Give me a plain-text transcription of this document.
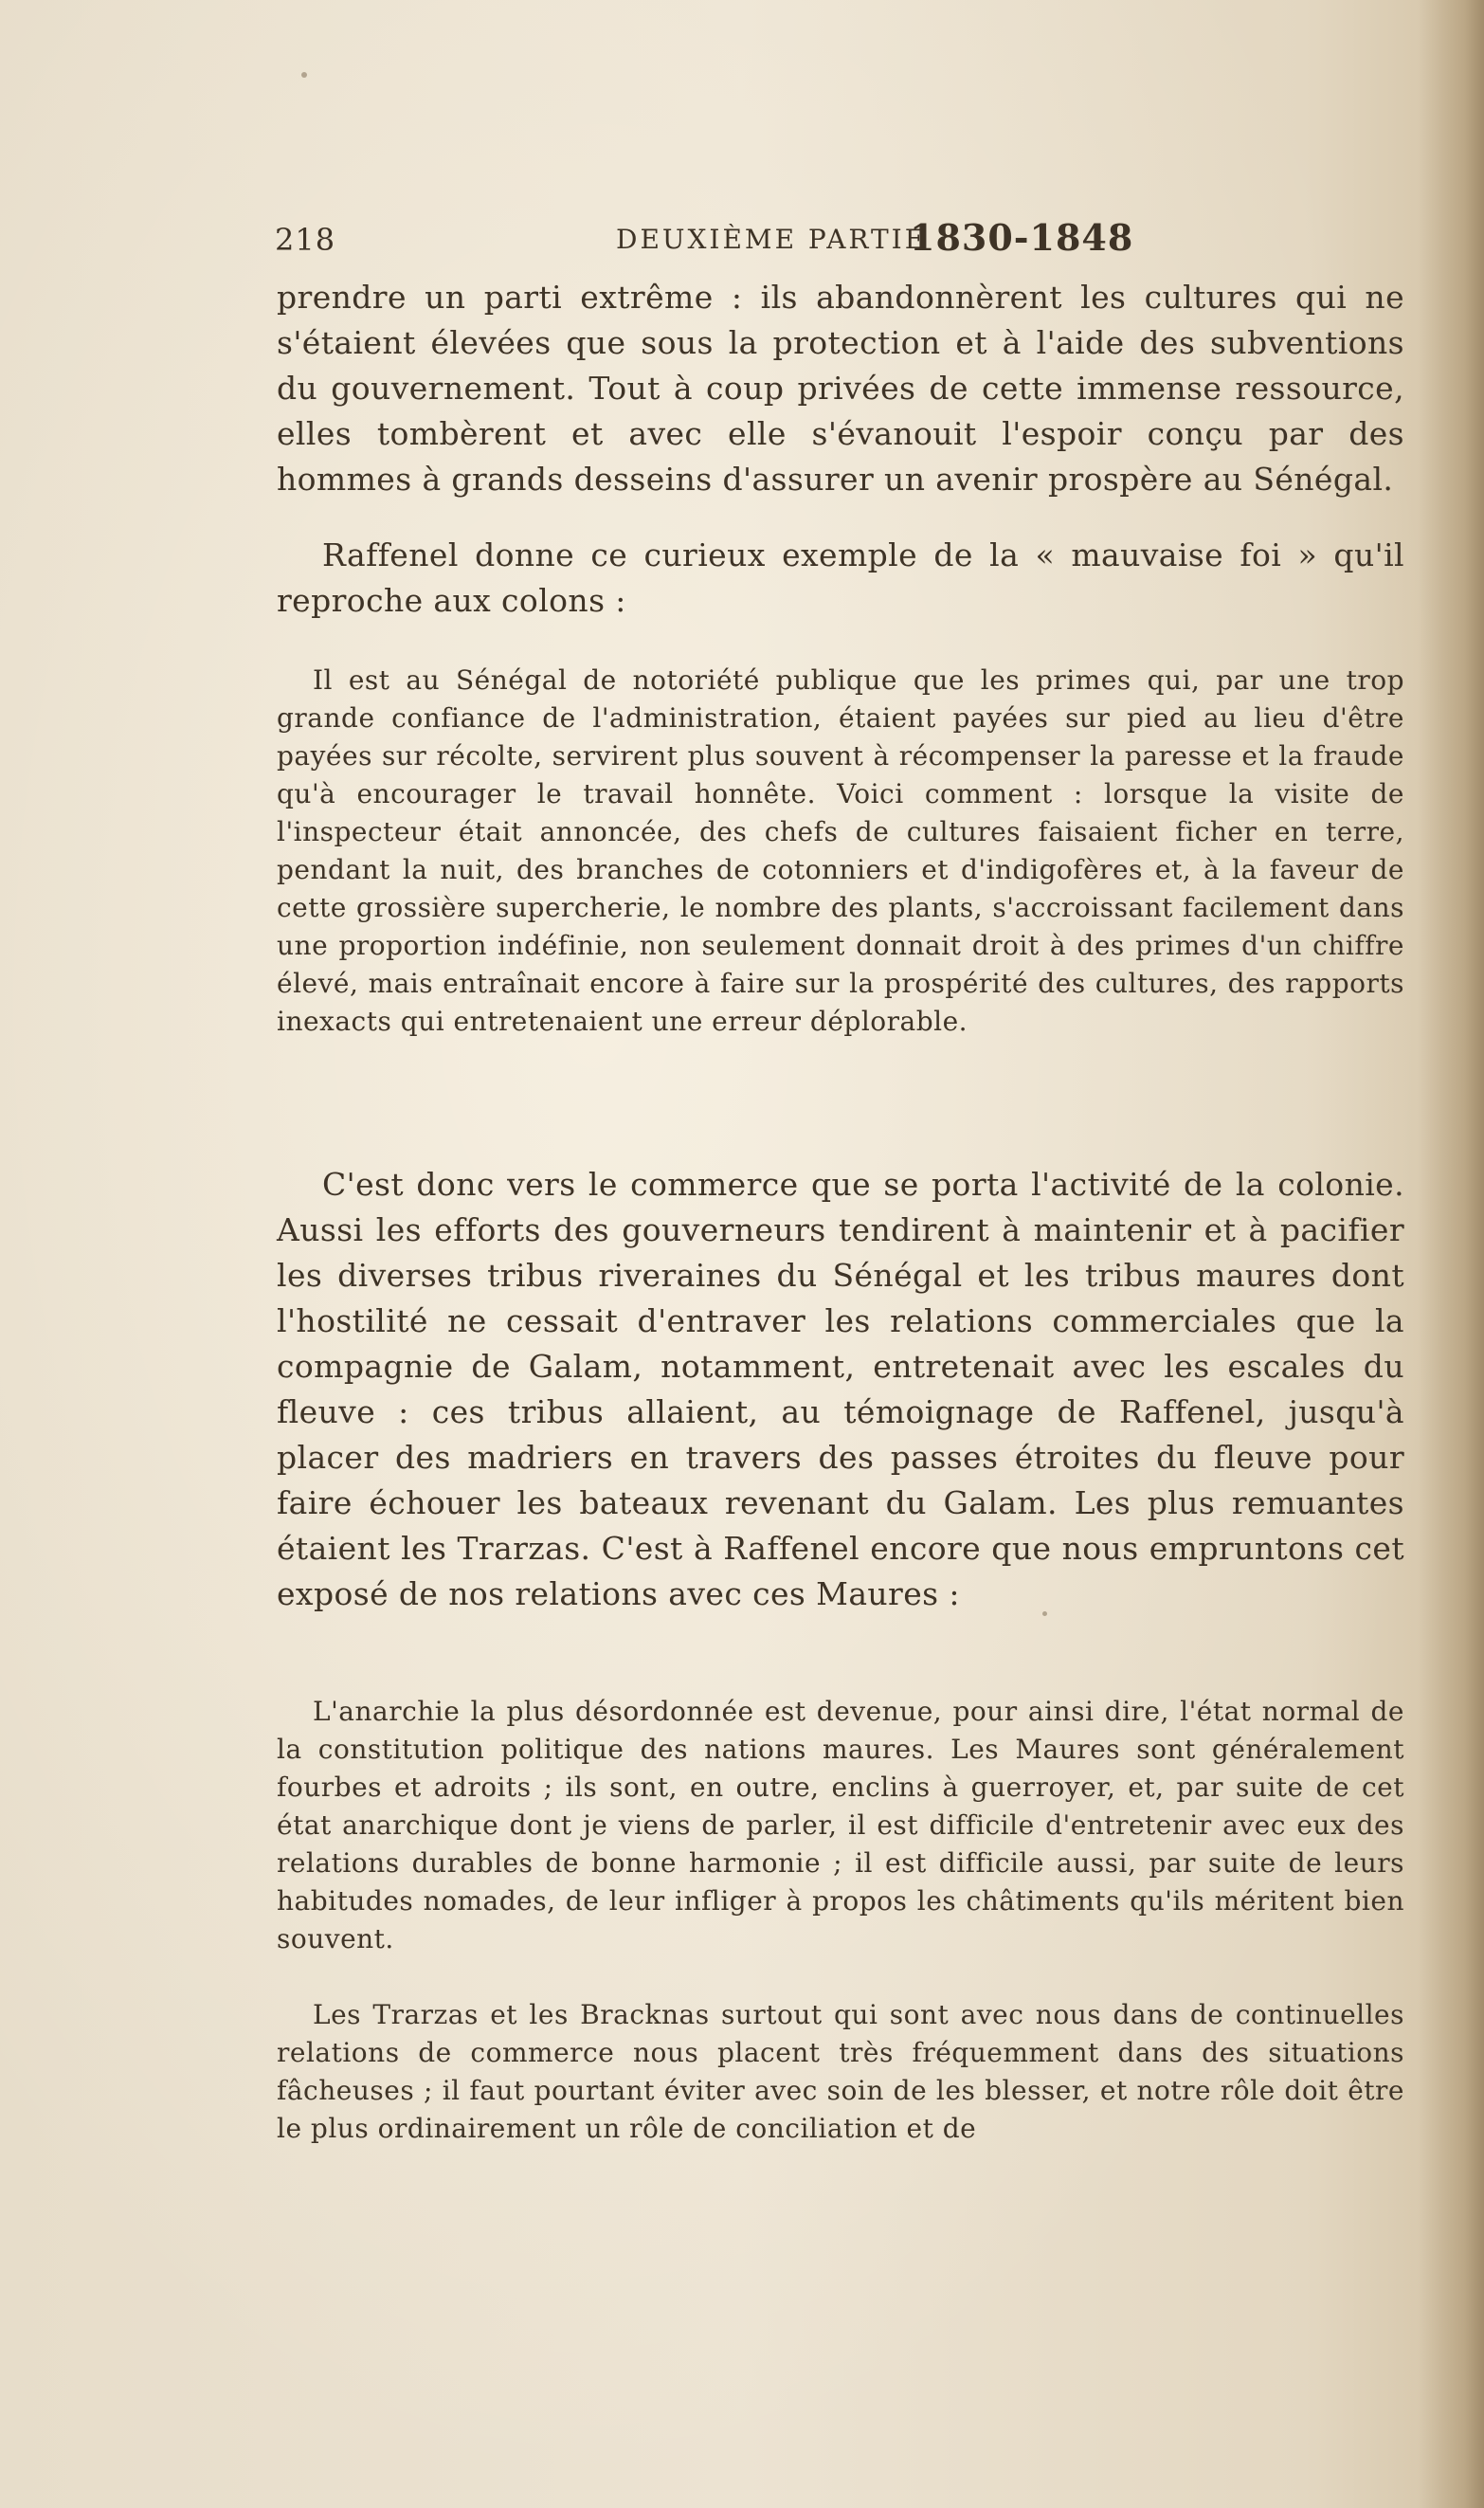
218	DEUXIÈME PARTIE
1830-1848

prendre un parti extrême : ils abandonnèrent les cultures qui ne s'étaient élevées que sous la protection et à l'aide des subventions du gouvernement. Tout à coup privées de cette immense ressource, elles tombèrent et avec elle s'évanouit l'espoir conçu par des hommes à grands desseins d'assurer un avenir prospère au Sénégal.

Raffenel donne ce curieux exemple de la « mauvaise foi » qu'il reproche aux colons :

Il est au Sénégal de notoriété publique que les primes qui, par une trop grande confiance de l'administration, étaient payées sur pied au lieu d'être payées sur récolte, servirent plus souvent à récompenser la paresse et la fraude qu'à encourager le travail honnête. Voici comment : lorsque la visite de l'inspecteur était annoncée, des chefs de cultures faisaient ficher en terre, pendant la nuit, des branches de cotonniers et d'indigofères et, à la faveur de cette grossière supercherie, le nombre des plants, s'accroissant facilement dans une proportion indéfinie, non seulement donnait droit à des primes d'un chiffre élevé, mais entraînait encore à faire sur la prospérité des cultures, des rapports inexacts qui entretenaient une erreur déplorable.

C'est donc vers le commerce que se porta l'activité de la colonie. Aussi les efforts des gouverneurs tendirent à maintenir et à pacifier les diverses tribus riveraines du Sénégal et les tribus maures dont l'hostilité ne cessait d'entraver les relations commerciales que la compagnie de Galam, notamment, entretenait avec les escales du fleuve : ces tribus allaient, au témoignage de Raffenel, jusqu'à placer des madriers en travers des passes étroites du fleuve pour faire échouer les bateaux revenant du Galam. Les plus remuantes étaient les Trarzas. C'est à Raffenel encore que nous empruntons cet exposé de nos relations avec ces Maures :

L'anarchie la plus désordonnée est devenue, pour ainsi dire, l'état normal de la constitution politique des nations maures. Les Maures sont généralement fourbes et adroits ; ils sont, en outre, enclins à guerroyer, et, par suite de cet état anarchique dont je viens de parler, il est difficile d'entretenir avec eux des relations durables de bonne harmonie ; il est difficile aussi, par suite de leurs habitudes nomades, de leur infliger à propos les châtiments qu'ils méritent bien souvent.

Les Trarzas et les Bracknas surtout qui sont avec nous dans de continuelles relations de commerce nous placent très fréquemment dans des situations fâcheuses ; il faut pourtant éviter avec soin de les blesser, et notre rôle doit être le plus ordinairement un rôle de conciliation et de
